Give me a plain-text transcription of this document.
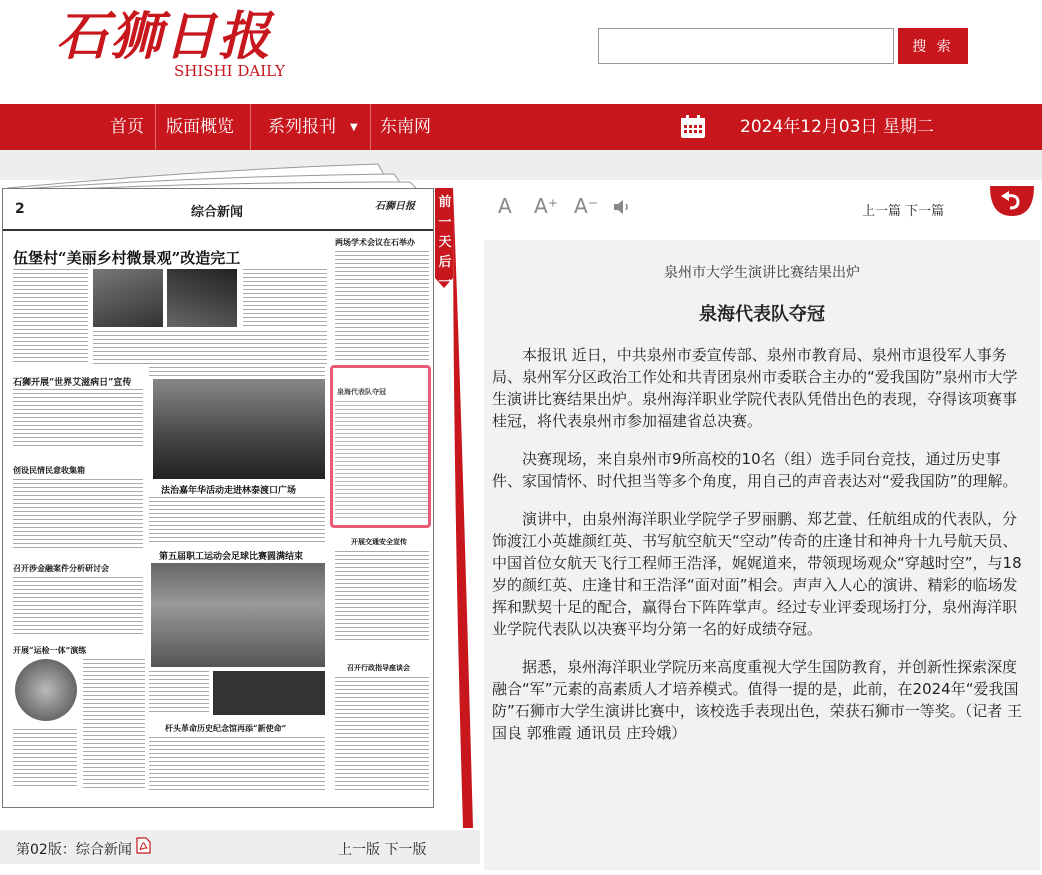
石狮日报
SHISHI DAILY
搜 索
首页 版面概览 系列报刊 ▼ 东南网	2024年12月03日 星期二
2	综合新闻	石狮日报
伍堡村“美丽乡村微景观”改造完工
两场学术会议在石举办
石狮开展“世界艾滋病日”宣传
创设民情民意收集箱
召开涉金融案件分析研讨会
开展“运检一体”演练
法治嘉年华活动走进林泰渡口广场
第五届职工运动会足球比赛圆满结束
杆头革命历史纪念馆再添“新使命”
泉海代表队夺冠
开展交通安全宣传
召开行政指导座谈会
前
一
天
后
一
天
第02版：综合新闻	上一版 下一版
A A⁺ A⁻	上一篇 下一篇
泉州市大学生演讲比赛结果出炉
泉海代表队夺冠

本报讯 近日，中共泉州市委宣传部、泉州市教育局、泉州市退役军人事务局、泉州军分区政治工作处和共青团泉州市委联合主办的“爱我国防”泉州市大学生演讲比赛结果出炉。泉州海洋职业学院代表队凭借出色的表现，夺得该项赛事桂冠，将代表泉州市参加福建省总决赛。

决赛现场，来自泉州市9所高校的10名（组）选手同台竞技，通过历史事件、家国情怀、时代担当等多个角度，用自己的声音表达对“爱我国防”的理解。

演讲中，由泉州海洋职业学院学子罗丽鹏、郑艺萱、任航组成的代表队，分饰渡江小英雄颜红英、书写航空航天“空动”传奇的庄逢甘和神舟十九号航天员、中国首位女航天飞行工程师王浩泽，娓娓道来，带领现场观众“穿越时空”，与18岁的颜红英、庄逢甘和王浩泽“面对面”相会。声声入人心的演讲、精彩的临场发挥和默契十足的配合，赢得台下阵阵掌声。经过专业评委现场打分，泉州海洋职业学院代表队以决赛平均分第一名的好成绩夺冠。

据悉，泉州海洋职业学院历来高度重视大学生国防教育，并创新性探索深度融合“军”元素的高素质人才培养模式。值得一提的是，此前，在2024年“爱我国防”石狮市大学生演讲比赛中，该校选手表现出色，荣获石狮市一等奖。（记者 王国良 郭雅霞 通讯员 庄玲娥）
